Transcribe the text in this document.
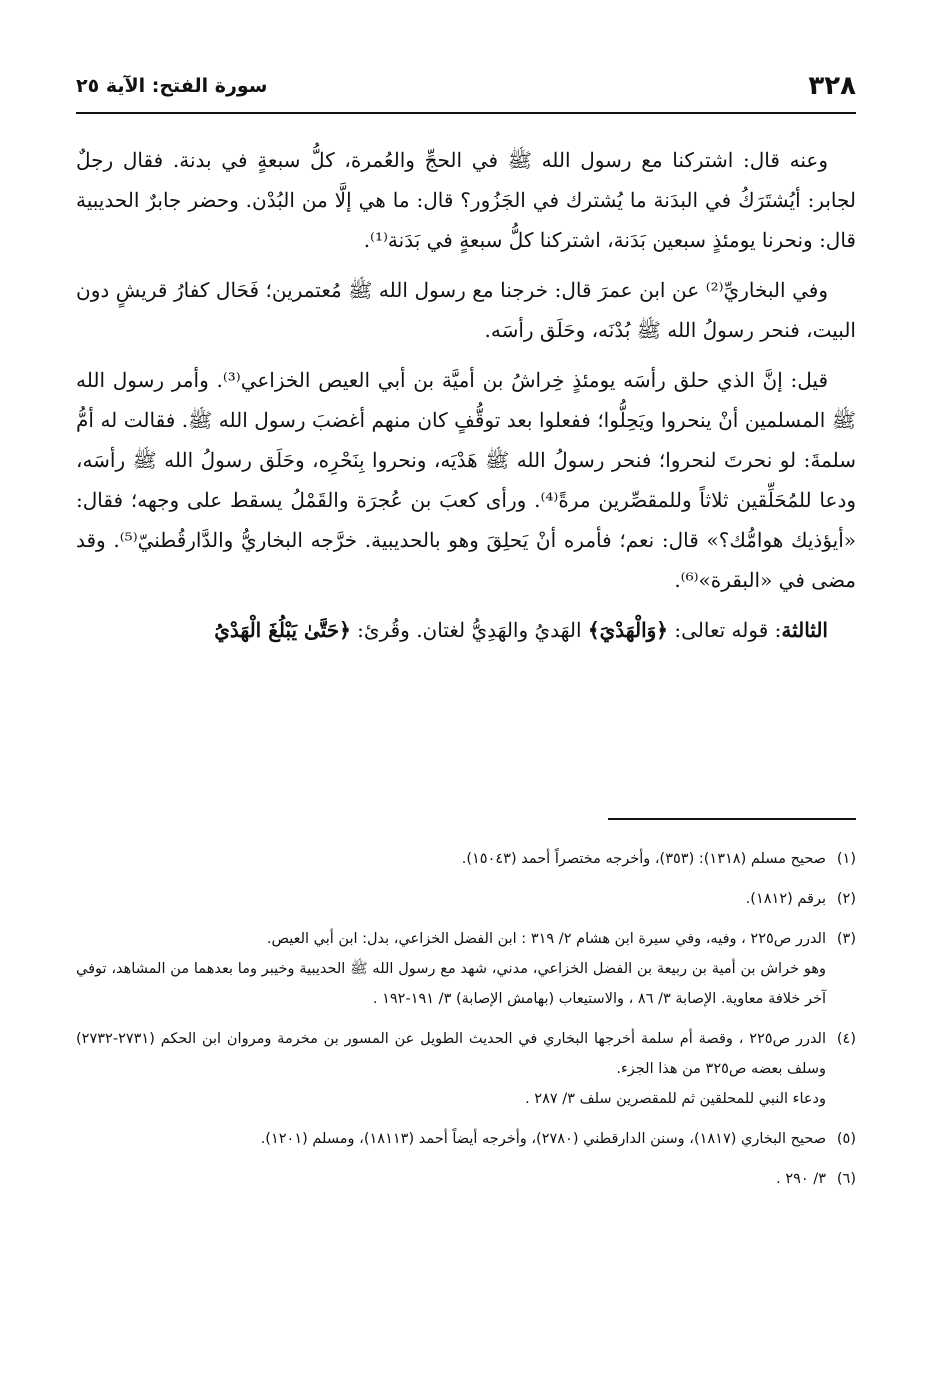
٣٢٨
سورة الفتح: الآية ٢٥

وعنه قال: اشتركنا مع رسول الله ﷺ في الحجِّ والعُمرة، كلُّ سبعةٍ في بدنة. فقال رجلٌ لجابر: أيُشتَرَكُ في البدَنة ما يُشترك في الجَزُور؟ قال: ما هي إلَّا من البُدْن. وحضر جابرٌ الحديبية قال: ونحرنا يومئذٍ سبعين بَدَنة، اشتركنا كلُّ سبعةٍ في بَدَنة⁽¹⁾.

وفي البخاريِّ⁽²⁾ عن ابن عمرَ قال: خرجنا مع رسول الله ﷺ مُعتمرين؛ فَحَال كفارُ قريشٍ دون البيت، فنحر رسولُ الله ﷺ بُدْنَه، وحَلَق رأسَه.

قيل: إنَّ الذي حلق رأسَه يومئذٍ خِراشُ بن أميَّة بن أبي العيص الخزاعي⁽³⁾. وأمر رسول الله ﷺ المسلمين أنْ ينحروا ويَحِلُّوا؛ ففعلوا بعد توقُّفٍ كان منهم أغضبَ رسول الله ﷺ. فقالت له أمُّ سلمةَ: لو نحرتَ لنحروا؛ فنحر رسولُ الله ﷺ هَدْيَه، ونحروا بِنَحْرِه، وحَلَق رسولُ الله ﷺ رأسَه، ودعا للمُحَلِّقين ثلاثاً وللمقصِّرين مرةً⁽⁴⁾. ورأى كعبَ بن عُجرَة والقَمْلُ يسقط على وجهه؛ فقال: «أيؤذيك هوامُّك؟» قال: نعم؛ فأمره أنْ يَحلِقَ وهو بالحديبية. خرَّجه البخاريُّ والدَّارقُطنيّ⁽⁵⁾. وقد مضى في «البقرة»⁽⁶⁾.

الثالثة: قوله تعالى: ﴿وَالْهَدْيَ﴾ الهَديُ والهَدِيُّ لغتان. وقُرئ: ﴿حَتَّىٰ يَبْلُغَ الْهَدْيُ

(١)
صحيح مسلم (١٣١٨): (٣٥٣)، وأخرجه مختصراً أحمد (١٥٠٤٣).
(٢)
برقم (١٨١٢).
(٣)
الدرر ص٢٢٥ ، وفيه، وفي سيرة ابن هشام ٢/ ٣١٩ : ابن الفضل الخزاعي، بدل: ابن أبي العيص.
وهو خراش بن أمية بن ربيعة بن الفضل الخزاعي، مدني، شهد مع رسول الله ﷺ الحديبية وخيبر وما بعدهما من المشاهد، توفي آخر خلافة معاوية. الإصابة ٣/ ٨٦ ، والاستيعاب (بهامش الإصابة) ٣/ ١٩١-١٩٢ .
(٤)
الدرر ص٢٢٥ ، وقصة أم سلمة أخرجها البخاري في الحديث الطويل عن المسور بن مخرمة ومروان ابن الحكم (٢٧٣١-٢٧٣٢) وسلف بعضه ص٣٢٥ من هذا الجزء.
ودعاء النبي للمحلقين ثم للمقصرين سلف ٣/ ٢٨٧ .
(٥)
صحيح البخاري (١٨١٧)، وسنن الدارقطني (٢٧٨٠)، وأخرجه أيضاً أحمد (١٨١١٣)، ومسلم (١٢٠١).
(٦)
٣/ ٢٩٠ .
